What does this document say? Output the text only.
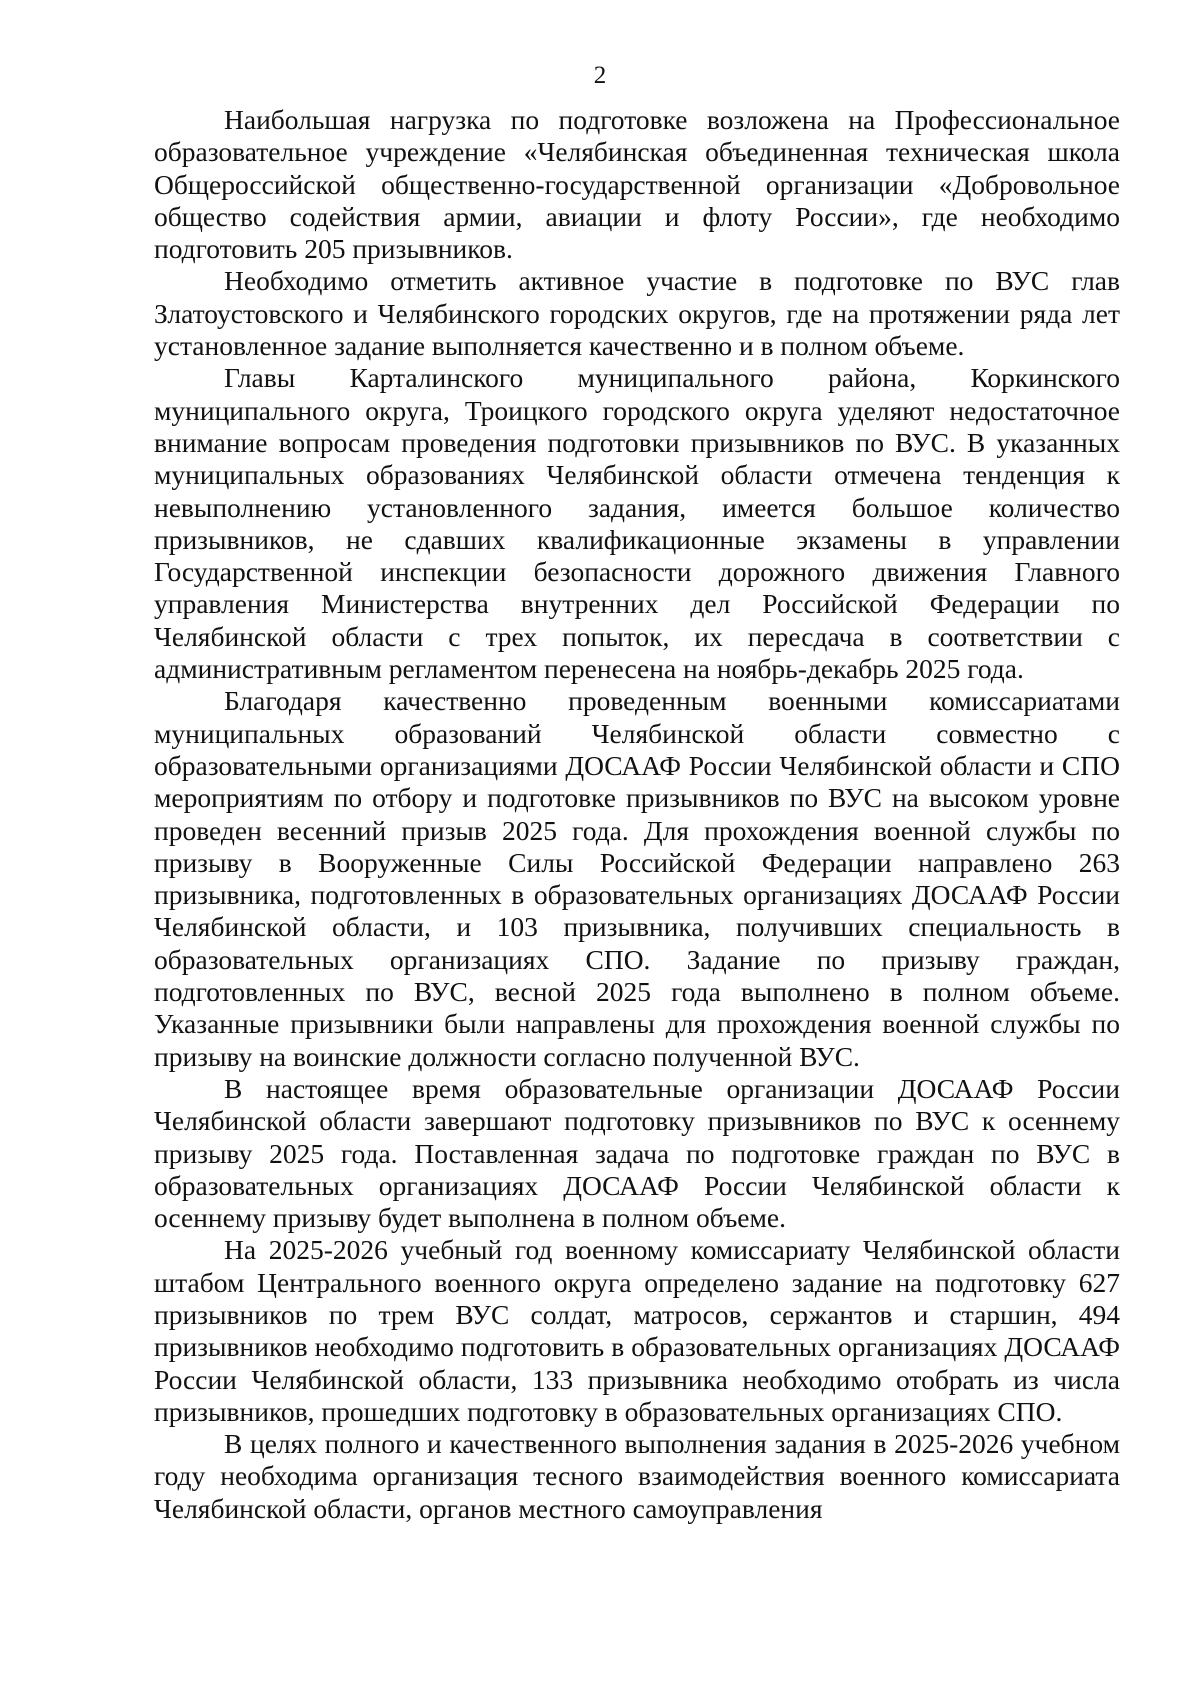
2

Наибольшая нагрузка по подготовке возложена на Профессиональное образовательное учреждение «Челябинская объединенная техническая школа Общероссийской общественно-государственной организации «Добровольное общество содействия армии, авиации и флоту России», где необходимо подготовить 205 призывников.

Необходимо отметить активное участие в подготовке по ВУС глав Златоустовского и Челябинского городских округов, где на протяжении ряда лет установленное задание выполняется качественно и в полном объеме.

Главы Карталинского муниципального района, Коркинского муниципального округа, Троицкого городского округа уделяют недостаточное внимание вопросам проведения подготовки призывников по ВУС. В указанных муниципальных образованиях Челябинской области отмечена тенденция к невыполнению установленного задания, имеется большое количество призывников, не сдавших квалификационные экзамены в управлении Государственной инспекции безопасности дорожного движения Главного управления Министерства внутренних дел Российской Федерации по Челябинской области с трех попыток, их пересдача в соответствии с административным регламентом перенесена на ноябрь-декабрь 2025 года.

Благодаря качественно проведенным военными комиссариатами муниципальных образований Челябинской области совместно с образовательными организациями ДОСААФ России Челябинской области и СПО мероприятиям по отбору и подготовке призывников по ВУС на высоком уровне проведен весенний призыв 2025 года. Для прохождения военной службы по призыву в Вооруженные Силы Российской Федерации направлено 263 призывника, подготовленных в образовательных организациях ДОСААФ России Челябинской области, и 103 призывника, получивших специальность в образовательных организациях СПО. Задание по призыву граждан, подготовленных по ВУС, весной 2025 года выполнено в полном объеме. Указанные призывники были направлены для прохождения военной службы по призыву на воинские должности согласно полученной ВУС.

В настоящее время образовательные организации ДОСААФ России Челябинской области завершают подготовку призывников по ВУС к осеннему призыву 2025 года. Поставленная задача по подготовке граждан по ВУС в образовательных организациях ДОСААФ России Челябинской области к осеннему призыву будет выполнена в полном объеме.

На 2025-2026 учебный год военному комиссариату Челябинской области штабом Центрального военного округа определено задание на подготовку 627 призывников по трем ВУС солдат, матросов, сержантов и старшин, 494 призывников необходимо подготовить в образовательных организациях ДОСААФ России Челябинской области, 133 призывника необходимо отобрать из числа призывников, прошедших подготовку в образовательных организациях СПО.

В целях полного и качественного выполнения задания в 2025-2026 учебном году необходима организация тесного взаимодействия военного комиссариата Челябинской области, органов местного самоуправления
